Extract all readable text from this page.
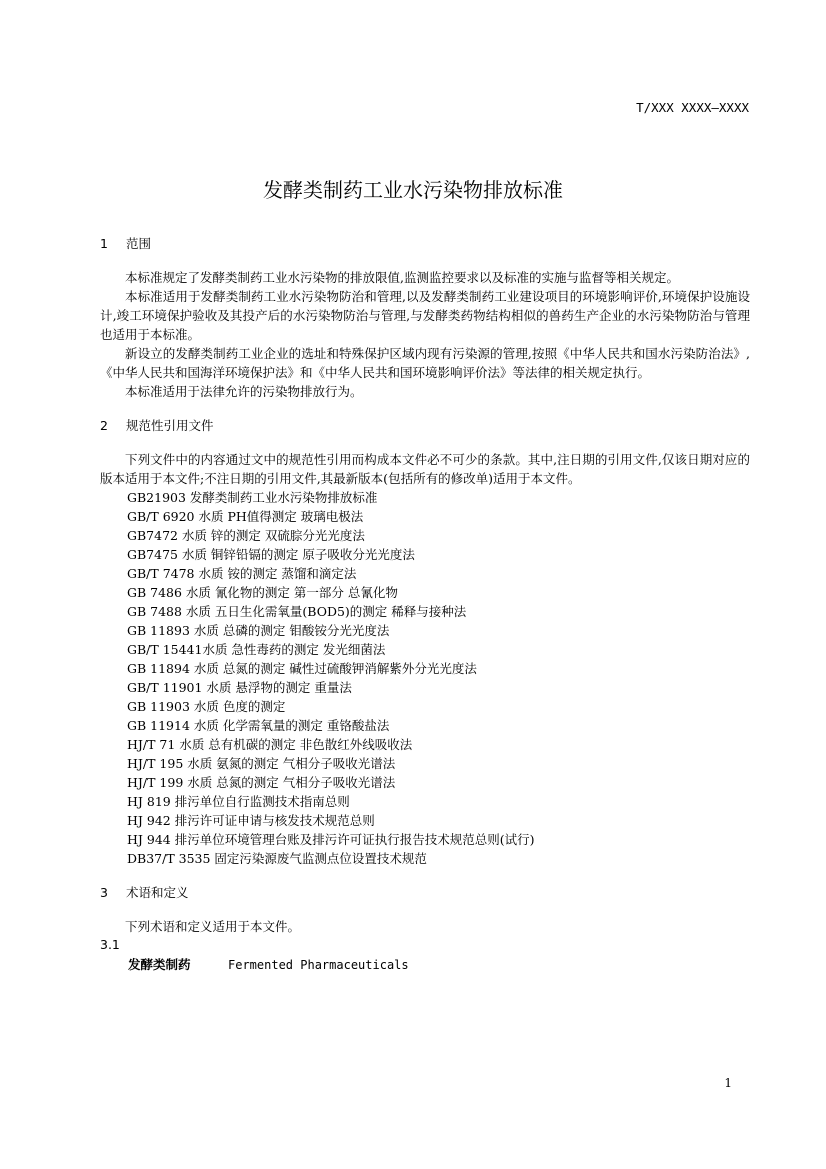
T/XXX XXXX—XXXX
发酵类制药工业水污染物排放标准
1 范围

本标准规定了发酵类制药工业水污染物的排放限值,监测监控要求以及标准的实施与监督等相关规定。

本标准适用于发酵类制药工业水污染物防治和管理,以及发酵类制药工业建设项目的环境影响评价,环境保护设施设计,竣工环境保护验收及其投产后的水污染物防治与管理,与发酵类药物结构相似的兽药生产企业的水污染物防治与管理也适用于本标准。

新设立的发酵类制药工业企业的选址和特殊保护区域内现有污染源的管理,按照《中华人民共和国水污染防治法》,《中华人民共和国海洋环境保护法》和《中华人民共和国环境影响评价法》等法律的相关规定执行。

本标准适用于法律允许的污染物排放行为。

2 规范性引用文件

下列文件中的内容通过文中的规范性引用而构成本文件必不可少的条款。其中,注日期的引用文件,仅该日期对应的版本适用于本文件;不注日期的引用文件,其最新版本(包括所有的修改单)适用于本文件。

GB21903 发酵类制药工业水污染物排放标准
GB/T 6920 水质 PH值得测定 玻璃电极法
GB7472 水质 锌的测定 双硫腙分光光度法
GB7475 水质 铜锌铅镉的测定 原子吸收分光光度法
GB/T 7478 水质 铵的测定 蒸馏和滴定法
GB 7486 水质 氰化物的测定 第一部分 总氰化物
GB 7488 水质 五日生化需氧量(BOD5)的测定 稀释与接种法
GB 11893 水质 总磷的测定 钼酸铵分光光度法
GB/T 15441水质 急性毒药的测定 发光细菌法
GB 11894 水质 总氮的测定 碱性过硫酸钾消解紫外分光光度法
GB/T 11901 水质 悬浮物的测定 重量法
GB 11903 水质 色度的测定
GB 11914 水质 化学需氧量的测定 重铬酸盐法
HJ/T 71 水质 总有机碳的测定 非色散红外线吸收法
HJ/T 195 水质 氨氮的测定 气相分子吸收光谱法
HJ/T 199 水质 总氮的测定 气相分子吸收光谱法
HJ 819 排污单位自行监测技术指南总则
HJ 942 排污许可证申请与核发技术规范总则
HJ 944 排污单位环境管理台账及排污许可证执行报告技术规范总则(试行)
DB37/T 3535 固定污染源废气监测点位设置技术规范
3 术语和定义

下列术语和定义适用于本文件。

3.1
发酵类制药	Fermented Pharmaceuticals
1
